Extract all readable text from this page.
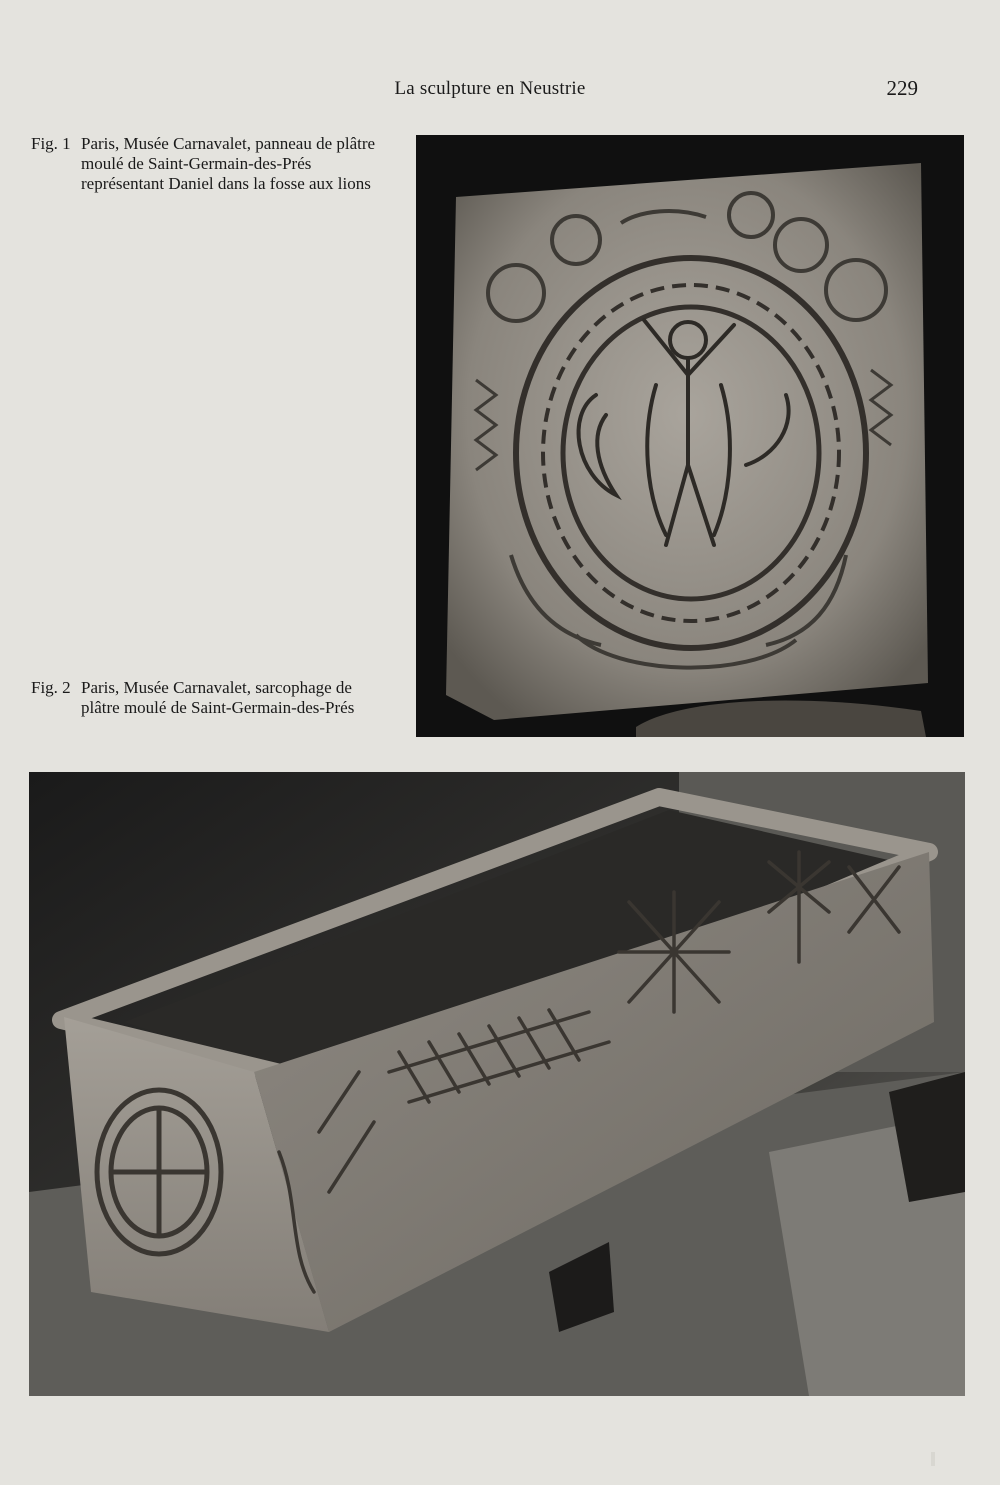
La sculpture en Neustrie	229
Fig. 1 Paris, Musée Carnavalet, panneau de plâtre moulé de Saint-Germain-des-Prés représentant Daniel dans la fosse aux lions
Fig. 2 Paris, Musée Carnavalet, sarcophage de plâtre moulé de Saint-Germain-des-Prés
